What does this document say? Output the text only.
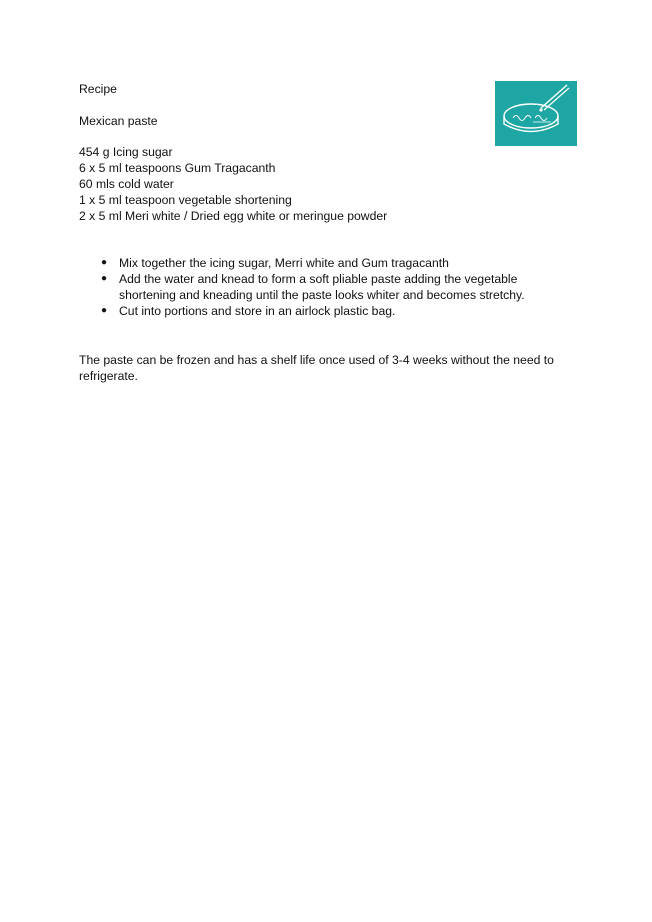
Recipe
Mexican paste
454 g Icing sugar
6 x 5 ml teaspoons Gum Tragacanth
60 mls cold water
1 x 5 ml teaspoon vegetable shortening
2 x 5 ml Meri white / Dried egg white or meringue powder
● Mix together the icing sugar, Merri white and Gum tragacanth
● Add the water and knead to form a soft pliable paste adding the vegetable shortening and kneading until the paste looks whiter and becomes stretchy.
● Cut into portions and store in an airlock plastic bag.
The paste can be frozen and has a shelf life once used of 3-4 weeks without the need to refrigerate.
